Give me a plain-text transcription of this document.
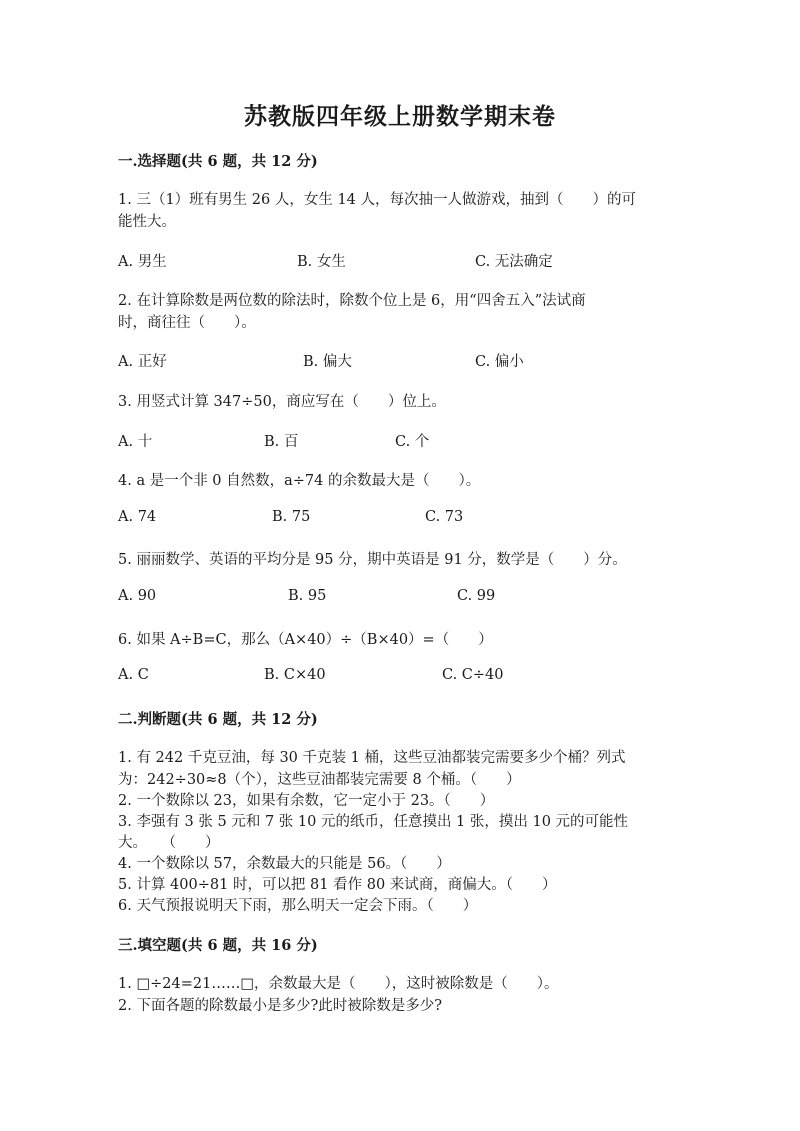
苏教版四年级上册数学期末卷
一.选择题(共 6 题，共 12 分)
1. 三（1）班有男生 26 人，女生 14 人，每次抽一人做游戏，抽到（　　）的可
能性大。
A. 男生	B. 女生	C. 无法确定
2. 在计算除数是两位数的除法时，除数个位上是 6，用“四舍五入”法试商
时，商往往（　　）。
A. 正好	B. 偏大	C. 偏小
3. 用竖式计算 347÷50，商应写在（　　）位上。
A. 十	B. 百	C. 个
4. a 是一个非 0 自然数，a÷74 的余数最大是（　　）。
A. 74	B. 75	C. 73
5. 丽丽数学、英语的平均分是 95 分，期中英语是 91 分，数学是（　　）分。
A. 90	B. 95	C. 99
6. 如果 A÷B=C，那么（A×40）÷（B×40）=（　　）
A. C	B. C×40	C. C÷40
二.判断题(共 6 题，共 12 分)
1. 有 242 千克豆油，每 30 千克装 1 桶，这些豆油都装完需要多少个桶？列式
为：242÷30≈8（个），这些豆油都装完需要 8 个桶。（　　）
2. 一个数除以 23，如果有余数，它一定小于 23。（　　）
3. 李强有 3 张 5 元和 7 张 10 元的纸币，任意摸出 1 张，摸出 10 元的可能性
大。　　（　　）
4. 一个数除以 57，余数最大的只能是 56。（　　）
5. 计算 400÷81 时，可以把 81 看作 80 来试商，商偏大。（　　）
6. 天气预报说明天下雨，那么明天一定会下雨。（　　）
三.填空题(共 6 题，共 16 分)
1. □÷24=21……□，余数最大是（　　），这时被除数是（　　）。
2. 下面各题的除数最小是多少?此时被除数是多少?
